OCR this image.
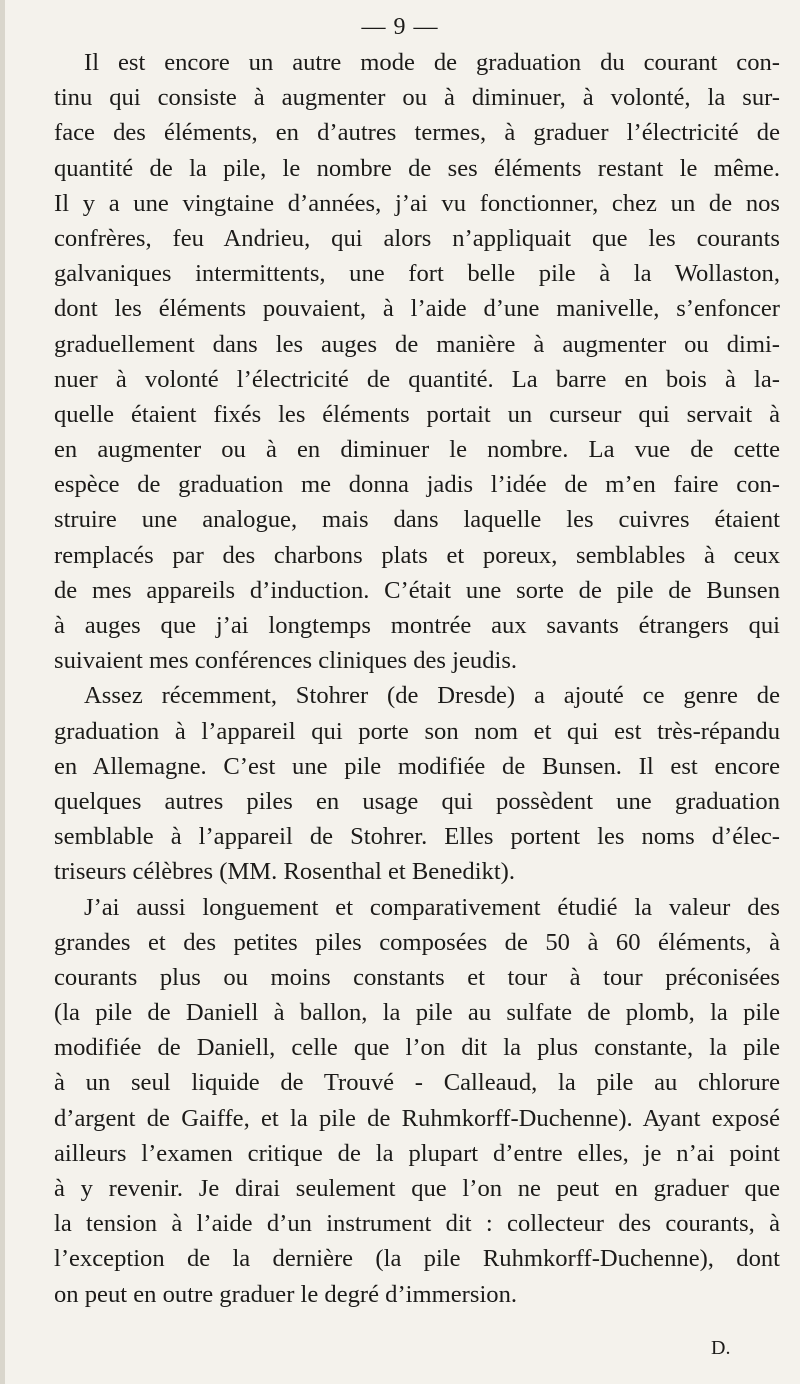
— 9 —
Il est encore un autre mode de graduation du courant con-
tinu qui consiste à augmenter ou à diminuer, à volonté, la sur-
face des éléments, en d’autres termes, à graduer l’électricité de
quantité de la pile, le nombre de ses éléments restant le même.
Il y a une vingtaine d’années, j’ai vu fonctionner, chez un de nos
confrères, feu Andrieu, qui alors n’appliquait que les courants
galvaniques intermittents, une fort belle pile à la Wollaston,
dont les éléments pouvaient, à l’aide d’une manivelle, s’enfoncer
graduellement dans les auges de manière à augmenter ou dimi-
nuer à volonté l’électricité de quantité. La barre en bois à la-
quelle étaient fixés les éléments portait un curseur qui servait à
en augmenter ou à en diminuer le nombre. La vue de cette
espèce de graduation me donna jadis l’idée de m’en faire con-
struire une analogue, mais dans laquelle les cuivres étaient
remplacés par des charbons plats et poreux, semblables à ceux
de mes appareils d’induction. C’était une sorte de pile de Bunsen
à auges que j’ai longtemps montrée aux savants étrangers qui
suivaient mes conférences cliniques des jeudis.
Assez récemment, Stohrer (de Dresde) a ajouté ce genre de
graduation à l’appareil qui porte son nom et qui est très-répandu
en Allemagne. C’est une pile modifiée de Bunsen. Il est encore
quelques autres piles en usage qui possèdent une graduation
semblable à l’appareil de Stohrer. Elles portent les noms d’élec-
triseurs célèbres (MM. Rosenthal et Benedikt).
J’ai aussi longuement et comparativement étudié la valeur des
grandes et des petites piles composées de 50 à 60 éléments, à
courants plus ou moins constants et tour à tour préconisées
(la pile de Daniell à ballon, la pile au sulfate de plomb, la pile
modifiée de Daniell, celle que l’on dit la plus constante, la pile
à un seul liquide de Trouvé - Calleaud, la pile au chlorure
d’argent de Gaiffe, et la pile de Ruhmkorff-Duchenne). Ayant exposé
ailleurs l’examen critique de la plupart d’entre elles, je n’ai point
à y revenir. Je dirai seulement que l’on ne peut en graduer que
la tension à l’aide d’un instrument dit : collecteur des courants, à
l’exception de la dernière (la pile Ruhmkorff-Duchenne), dont
on peut en outre graduer le degré d’immersion.
D.
